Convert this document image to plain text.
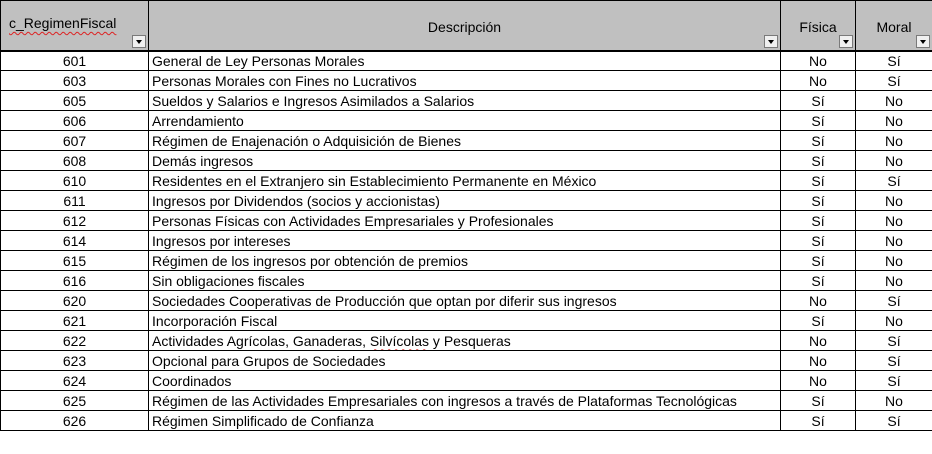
c_RegimenFiscal	Descripción	Física	Moral

601	General de Ley Personas Morales	No	Sí
603	Personas Morales con Fines no Lucrativos	No	Sí
605	Sueldos y Salarios e Ingresos Asimilados a Salarios	Sí	No
606	Arrendamiento	Sí	No
607	Régimen de Enajenación o Adquisición de Bienes	Sí	No
608	Demás ingresos	Sí	No
610	Residentes en el Extranjero sin Establecimiento Permanente en México	Sí	Sí
611	Ingresos por Dividendos (socios y accionistas)	Sí	No
612	Personas Físicas con Actividades Empresariales y Profesionales	Sí	No
614	Ingresos por intereses	Sí	No
615	Régimen de los ingresos por obtención de premios	Sí	No
616	Sin obligaciones fiscales	Sí	No
620	Sociedades Cooperativas de Producción que optan por diferir sus ingresos	No	Sí
621	Incorporación Fiscal	Sí	No
622	Actividades Agrícolas, Ganaderas, Silvícolas y Pesqueras	No	Sí
623	Opcional para Grupos de Sociedades	No	Sí
624	Coordinados	No	Sí
625	Régimen de las Actividades Empresariales con ingresos a través de Plataformas Tecnológicas	Sí	No
626	Régimen Simplificado de Confianza	Sí	Sí
